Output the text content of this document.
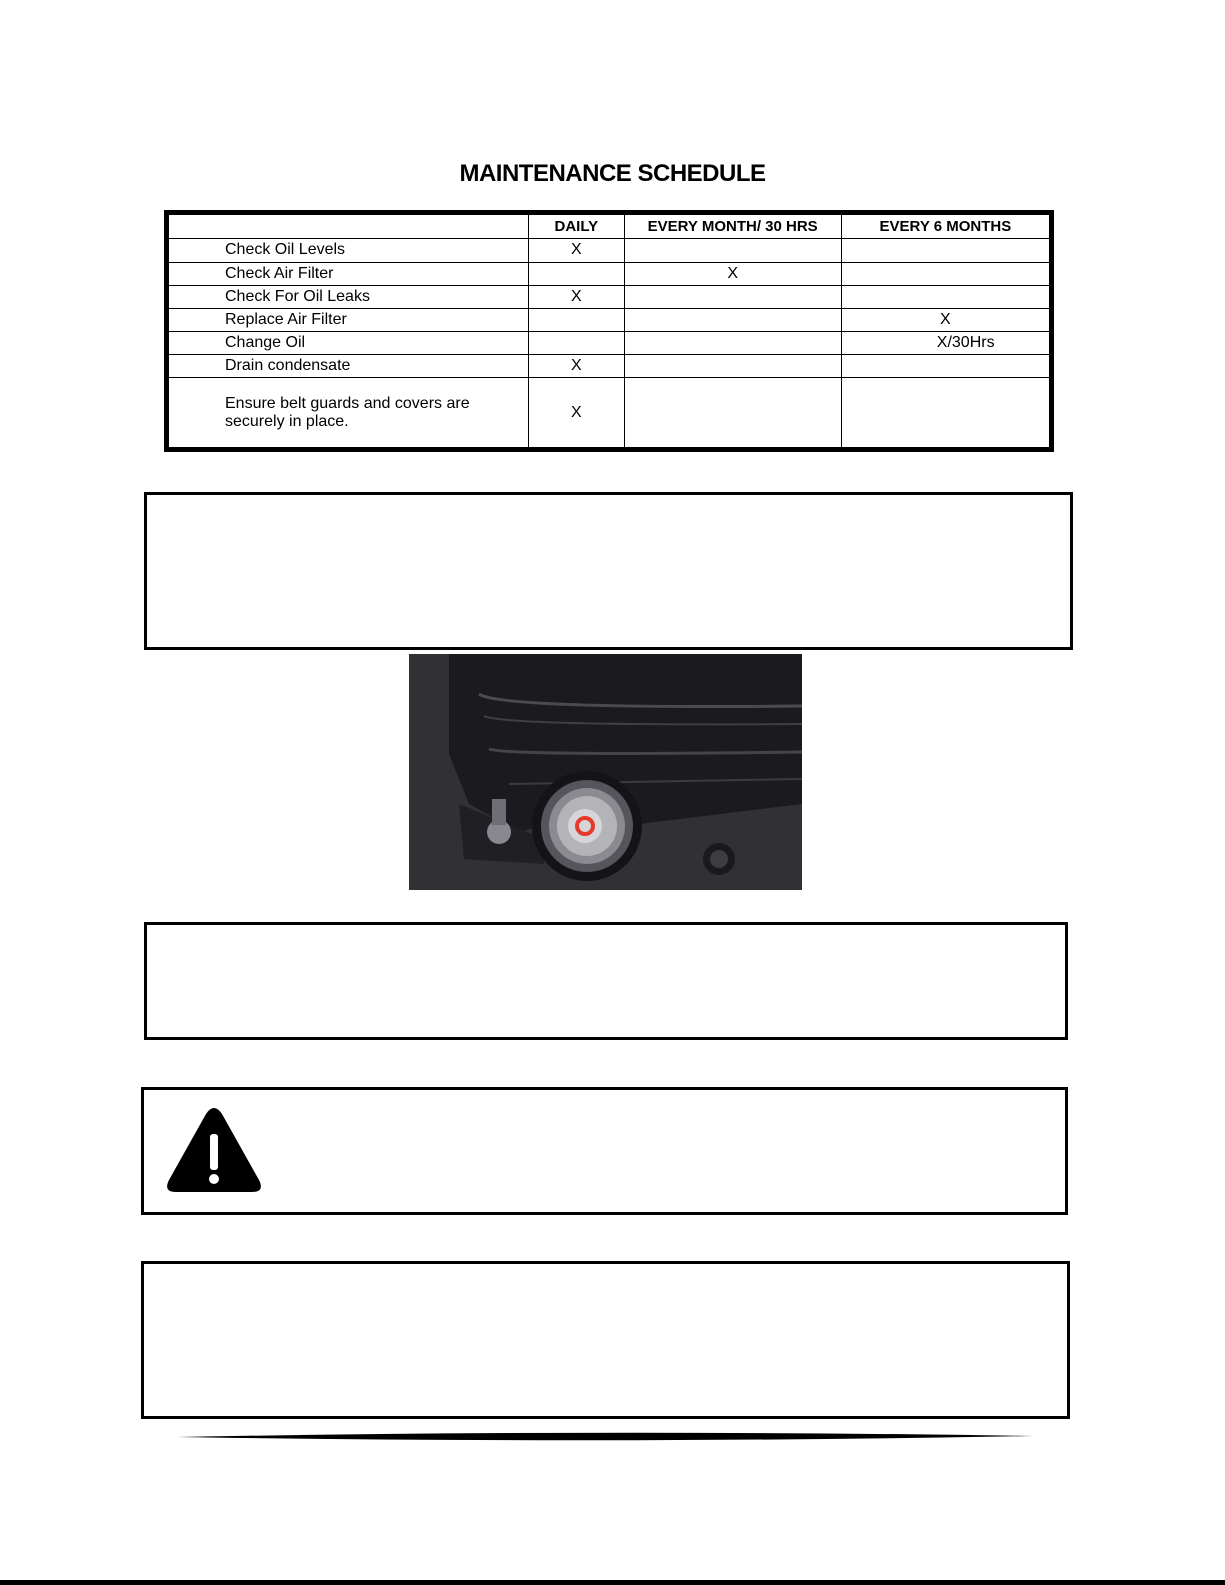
MAINTENANCE SCHEDULE
	DAILY	EVERY MONTH/ 30 HRS	EVERY 6 MONTHS
Check Oil Levels	X		
Check Air Filter		X	
Check For Oil Leaks	X		
Replace Air Filter			X
Change Oil			X/30Hrs
Drain condensate	X		
Ensure belt guards and covers are securely in place.	X		
